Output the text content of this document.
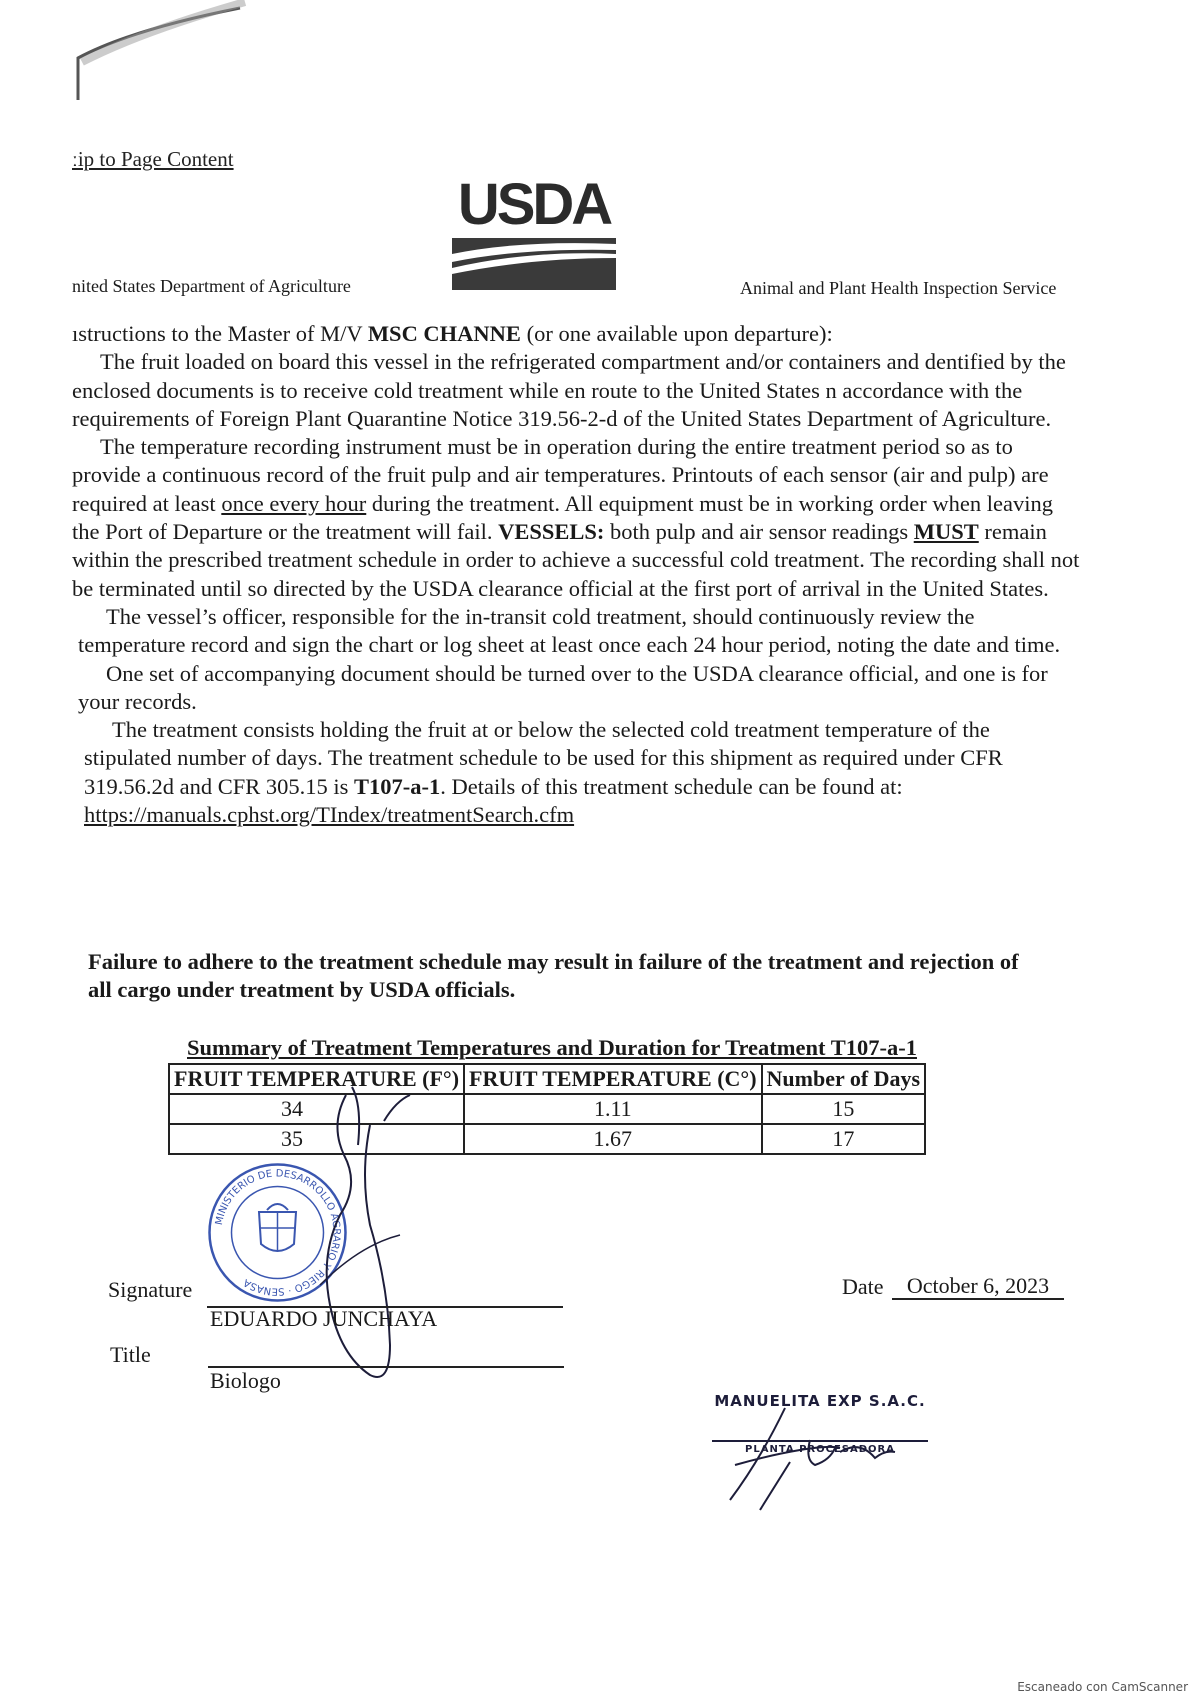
ːip to Page Content
USDA
nited States Department of Agriculture	Animal and Plant Health Inspection Service

ıstructions to the Master of M/V MSC CHANNE (or one available upon departure):

The fruit loaded on board this vessel in the refrigerated compartment and/or containers and dentified by the enclosed documents is to receive cold treatment while en route to the United States n accordance with the requirements of Foreign Plant Quarantine Notice 319.56-2-d of the United States Department of Agriculture.

The temperature recording instrument must be in operation during the entire treatment period so as to provide a continuous record of the fruit pulp and air temperatures. Printouts of each sensor (air and pulp) are required at least once every hour during the treatment. All equipment must be in working order when leaving the Port of Departure or the treatment will fail. VESSELS: both pulp and air sensor readings MUST remain within the prescribed treatment schedule in order to achieve a successful cold treatment. The recording shall not be terminated until so directed by the USDA clearance official at the first port of arrival in the United States.

The vessel’s officer, responsible for the in-transit cold treatment, should continuously review the temperature record and sign the chart or log sheet at least once each 24 hour period, noting the date and time.

One set of accompanying document should be turned over to the USDA clearance official, and one is for your records.

The treatment consists holding the fruit at or below the selected cold treatment temperature of the stipulated number of days. The treatment schedule to be used for this shipment as required under CFR 319.56.2d and CFR 305.15 is T107-a-1. Details of this treatment schedule can be found at:

https://manuals.cphst.org/TIndex/treatmentSearch.cfm

Failure to adhere to the treatment schedule may result in failure of the treatment and rejection of all cargo under treatment by USDA officials.
Summary of Treatment Temperatures and Duration for Treatment T107-a-1
FRUIT TEMPERATURE (F°)	FRUIT TEMPERATURE (C°)	Number of Days
34	1.11	15
35	1.67	17
MINISTERIO DE DESARROLLO AGRARIO Y RIEGO · SENASA
Signature
EDUARDO JUNCHAYA
Title
Biologo
Date	October 6, 2023
MANUELITA EXP S.A.C.
PLANTA PROCESADORA
Escaneado con CamScanner
